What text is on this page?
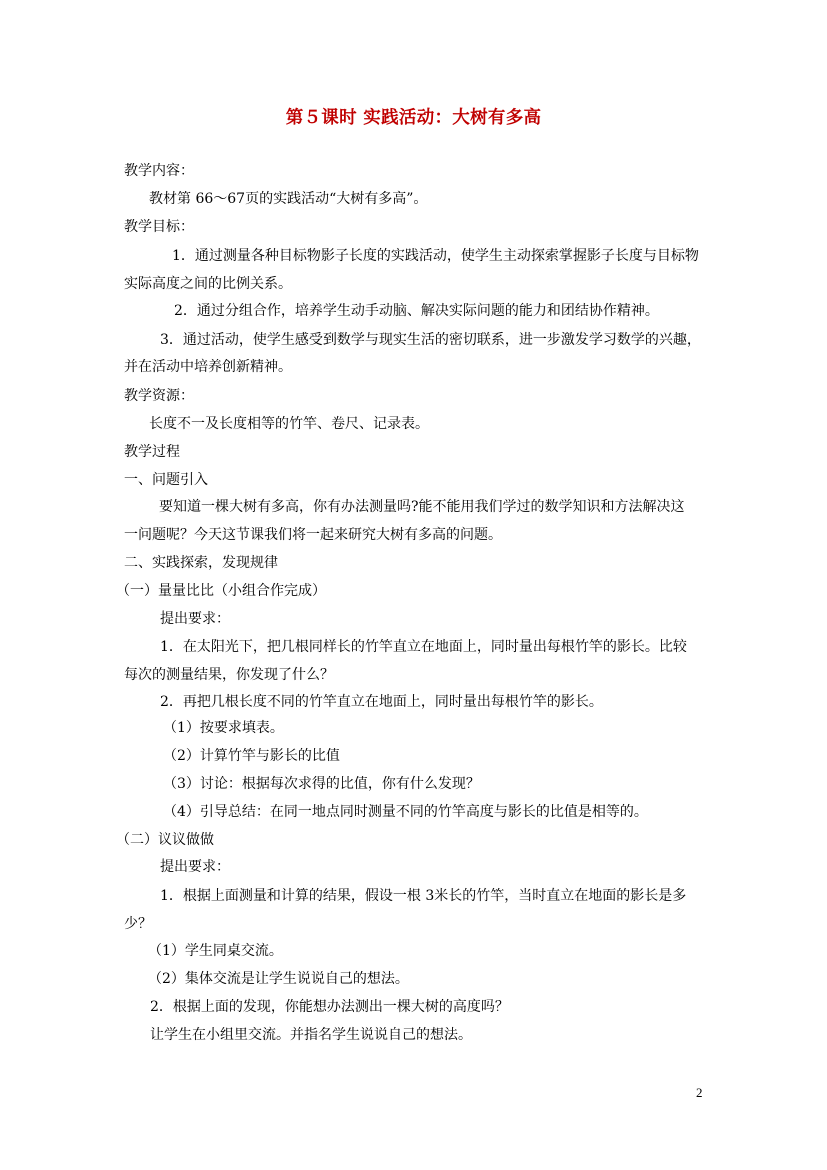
第５课时 实践活动：大树有多高
教学内容：
教材第 66～67页的实践活动“大树有多高”。
教学目标：
1．通过测量各种目标物影子长度的实践活动，使学生主动探索掌握影子长度与目标物
实际高度之间的比例关系。
2．通过分组合作，培养学生动手动脑、解决实际问题的能力和团结协作精神。
3．通过活动，使学生感受到数学与现实生活的密切联系，进一步激发学习数学的兴趣，
并在活动中培养创新精神。
教学资源：
长度不一及长度相等的竹竿、卷尺、记录表。
教学过程
一、问题引入
要知道一棵大树有多高，你有办法测量吗?能不能用我们学过的数学知识和方法解决这
一问题呢？今天这节课我们将一起来研究大树有多高的问题。
二、实践探索，发现规律
（一）量量比比（小组合作完成）
提出要求：
1．在太阳光下，把几根同样长的竹竿直立在地面上，同时量出每根竹竿的影长。比较
每次的测量结果，你发现了什么？
2．再把几根长度不同的竹竿直立在地面上，同时量出每根竹竿的影长。
（1）按要求填表。
（2）计算竹竿与影长的比值
（3）讨论：根据每次求得的比值，你有什么发现？
（4）引导总结：在同一地点同时测量不同的竹竿高度与影长的比值是相等的。
（二）议议做做
提出要求：
1．根据上面测量和计算的结果，假设一根 3米长的竹竿，当时直立在地面的影长是多
少？
（1）学生同桌交流。
（2）集体交流是让学生说说自己的想法。
2．根据上面的发现，你能想办法测出一棵大树的高度吗？
让学生在小组里交流。并指名学生说说自己的想法。
2
